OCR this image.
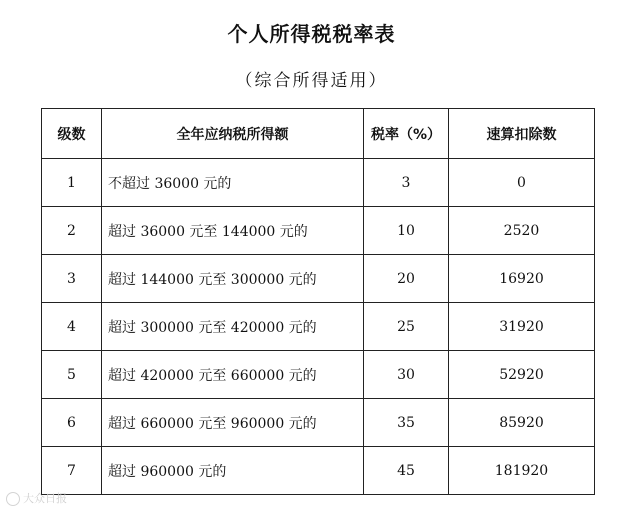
个人所得税税率表
（综合所得适用）
级数	全年应纳税所得额	税率（%）	速算扣除数
1	不超过 36000 元的	3	0
2	超过 36000 元至 144000 元的	10	2520
3	超过 144000 元至 300000 元的	20	16920
4	超过 300000 元至 420000 元的	25	31920
5	超过 420000 元至 660000 元的	30	52920
6	超过 660000 元至 960000 元的	35	85920
7	超过 960000 元的	45	181920
大众日报
